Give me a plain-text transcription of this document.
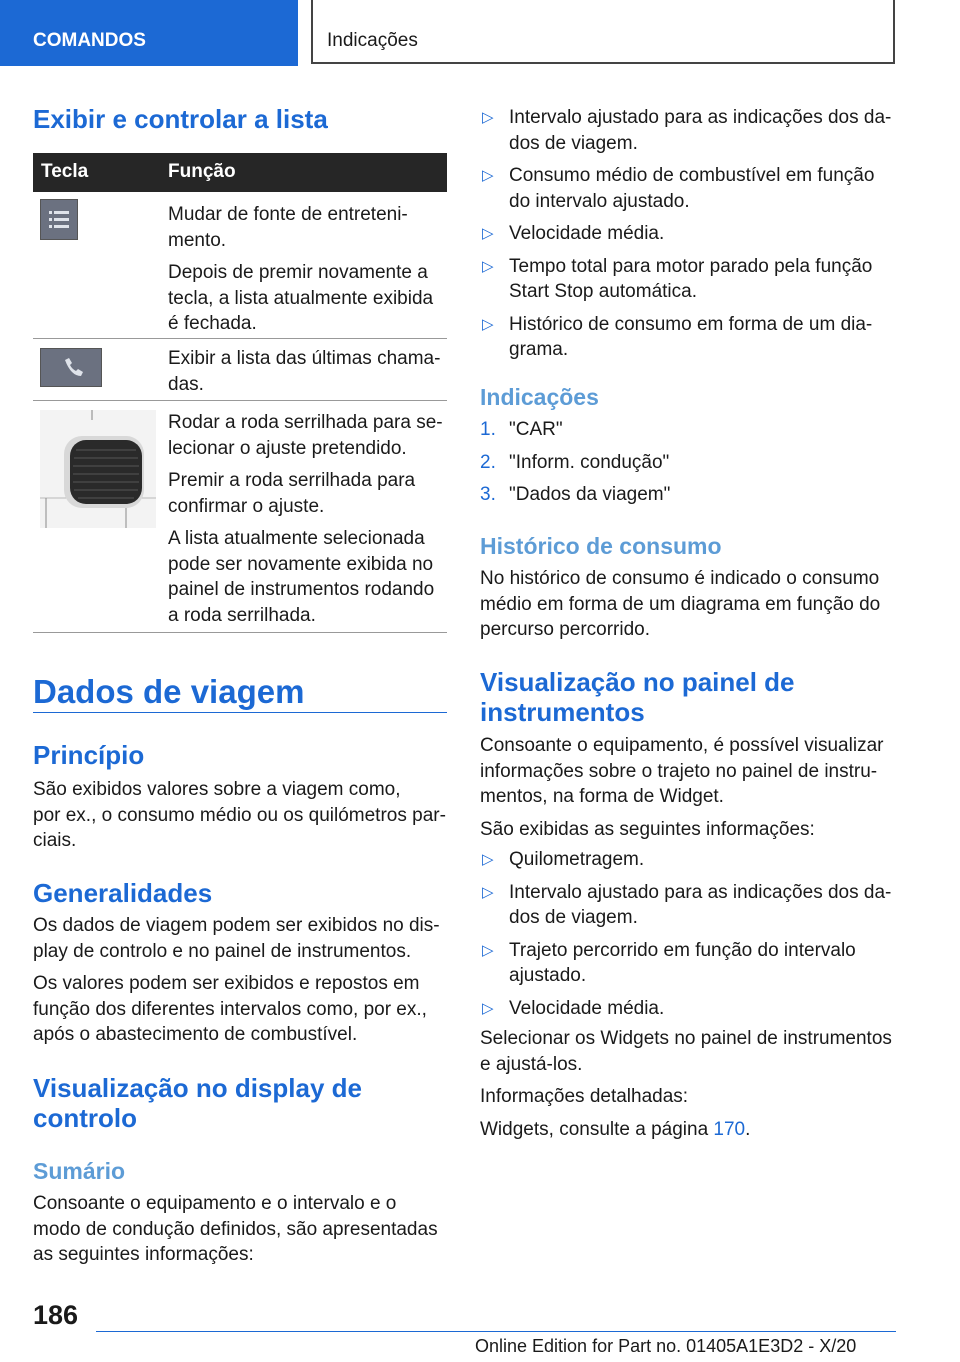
COMANDOS	Indicações
Exibir e controlar a lista
Tecla	Função
Mudar de fonte de entreteni-
mento.
Depois de premir novamente a
tecla, a lista atualmente exibida
é fechada.
Exibir a lista das últimas chama-
das.
Rodar a roda serrilhada para se-
lecionar o ajuste pretendido.
Premir a roda serrilhada para
confirmar o ajuste.
A lista atualmente selecionada
pode ser novamente exibida no
painel de instrumentos rodando
a roda serrilhada.
Dados de viagem
Princípio
São exibidos valores sobre a viagem como,
por ex., o consumo médio ou os quilómetros par-
ciais.
Generalidades
Os dados de viagem podem ser exibidos no dis-
play de controlo e no painel de instrumentos.
Os valores podem ser exibidos e repostos em
função dos diferentes intervalos como, por ex.,
após o abastecimento de combustível.
Visualização no display de
controlo
Sumário
Consoante o equipamento e o intervalo e o
modo de condução definidos, são apresentadas
as seguintes informações:
▷ Intervalo ajustado para as indicações dos da-
dos de viagem.
▷ Consumo médio de combustível em função
do intervalo ajustado.
▷ Velocidade média.
▷ Tempo total para motor parado pela função
Start Stop automática.
▷ Histórico de consumo em forma de um dia-
grama.
Indicações
1. "CAR"
2. "Inform. condução"
3. "Dados da viagem"
Histórico de consumo
No histórico de consumo é indicado o consumo
médio em forma de um diagrama em função do
percurso percorrido.
Visualização no painel de
instrumentos
Consoante o equipamento, é possível visualizar
informações sobre o trajeto no painel de instru-
mentos, na forma de Widget.
São exibidas as seguintes informações:
▷ Quilometragem.
▷ Intervalo ajustado para as indicações dos da-
dos de viagem.
▷ Trajeto percorrido em função do intervalo
ajustado.
▷ Velocidade média.
Selecionar os Widgets no painel de instrumentos
e ajustá-los.
Informações detalhadas:
Widgets, consulte a página 170.
186
Online Edition for Part no. 01405A1E3D2 - X/20
